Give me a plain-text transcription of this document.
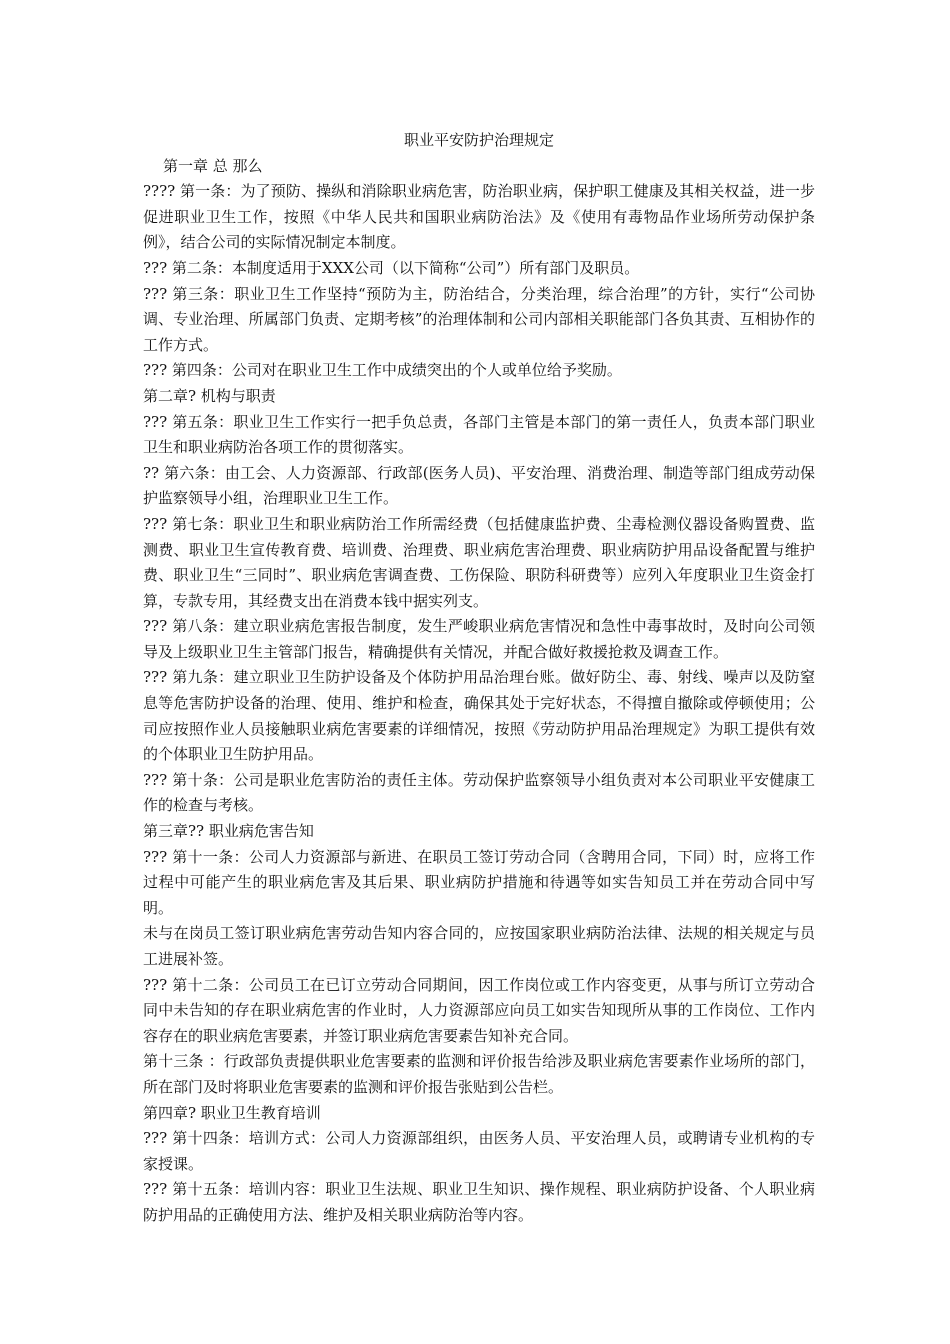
职业平安防护治理规定

第一章 总 那么

???? 第一条：为了预防、操纵和消除职业病危害，防治职业病，保护职工健康及其相关权益，进一步促进职业卫生工作，按照《中华人民共和国职业病防治法》及《使用有毒物品作业场所劳动保护条例》，结合公司的实际情况制定本制度。

??? 第二条：本制度适用于XXX公司（以下简称“公司”）所有部门及职员。

??? 第三条：职业卫生工作坚持“预防为主，防治结合，分类治理，综合治理”的方针，实行“公司协调、专业治理、所属部门负责、定期考核”的治理体制和公司内部相关职能部门各负其责、互相协作的工作方式。

??? 第四条：公司对在职业卫生工作中成绩突出的个人或单位给予奖励。

第二章? 机构与职责

??? 第五条：职业卫生工作实行一把手负总责，各部门主管是本部门的第一责任人，负责本部门职业卫生和职业病防治各项工作的贯彻落实。

?? 第六条：由工会、人力资源部、行政部(医务人员)、平安治理、消费治理、制造等部门组成劳动保护监察领导小组，治理职业卫生工作。

??? 第七条：职业卫生和职业病防治工作所需经费（包括健康监护费、尘毒检测仪器设备购置费、监测费、职业卫生宣传教育费、培训费、治理费、职业病危害治理费、职业病防护用品设备配置与维护费、职业卫生“三同时”、职业病危害调查费、工伤保险、职防科研费等）应列入年度职业卫生资金打算，专款专用，其经费支出在消费本钱中据实列支。

??? 第八条：建立职业病危害报告制度，发生严峻职业病危害情况和急性中毒事故时，及时向公司领导及上级职业卫生主管部门报告，精确提供有关情况，并配合做好救援抢救及调查工作。

??? 第九条：建立职业卫生防护设备及个体防护用品治理台账。做好防尘、毒、射线、噪声以及防窒息等危害防护设备的治理、使用、维护和检查，确保其处于完好状态，不得擅自撤除或停顿使用；公司应按照作业人员接触职业病危害要素的详细情况，按照《劳动防护用品治理规定》为职工提供有效的个体职业卫生防护用品。

??? 第十条：公司是职业危害防治的责任主体。劳动保护监察领导小组负责对本公司职业平安健康工作的检查与考核。

第三章?? 职业病危害告知

??? 第十一条：公司人力资源部与新进、在职员工签订劳动合同（含聘用合同，下同）时，应将工作过程中可能产生的职业病危害及其后果、职业病防护措施和待遇等如实告知员工并在劳动合同中写明。

未与在岗员工签订职业病危害劳动告知内容合同的，应按国家职业病防治法律、法规的相关规定与员工进展补签。

??? 第十二条：公司员工在已订立劳动合同期间，因工作岗位或工作内容变更，从事与所订立劳动合同中未告知的存在职业病危害的作业时，人力资源部应向员工如实告知现所从事的工作岗位、工作内容存在的职业病危害要素，并签订职业病危害要素告知补充合同。

第十三条 ：行政部负责提供职业危害要素的监测和评价报告给涉及职业病危害要素作业场所的部门，所在部门及时将职业危害要素的监测和评价报告张贴到公告栏。

第四章? 职业卫生教育培训

??? 第十四条：培训方式：公司人力资源部组织，由医务人员、平安治理人员，或聘请专业机构的专家授课。

??? 第十五条：培训内容：职业卫生法规、职业卫生知识、操作规程、职业病防护设备、个人职业病防护用品的正确使用方法、维护及相关职业病防治等内容。
